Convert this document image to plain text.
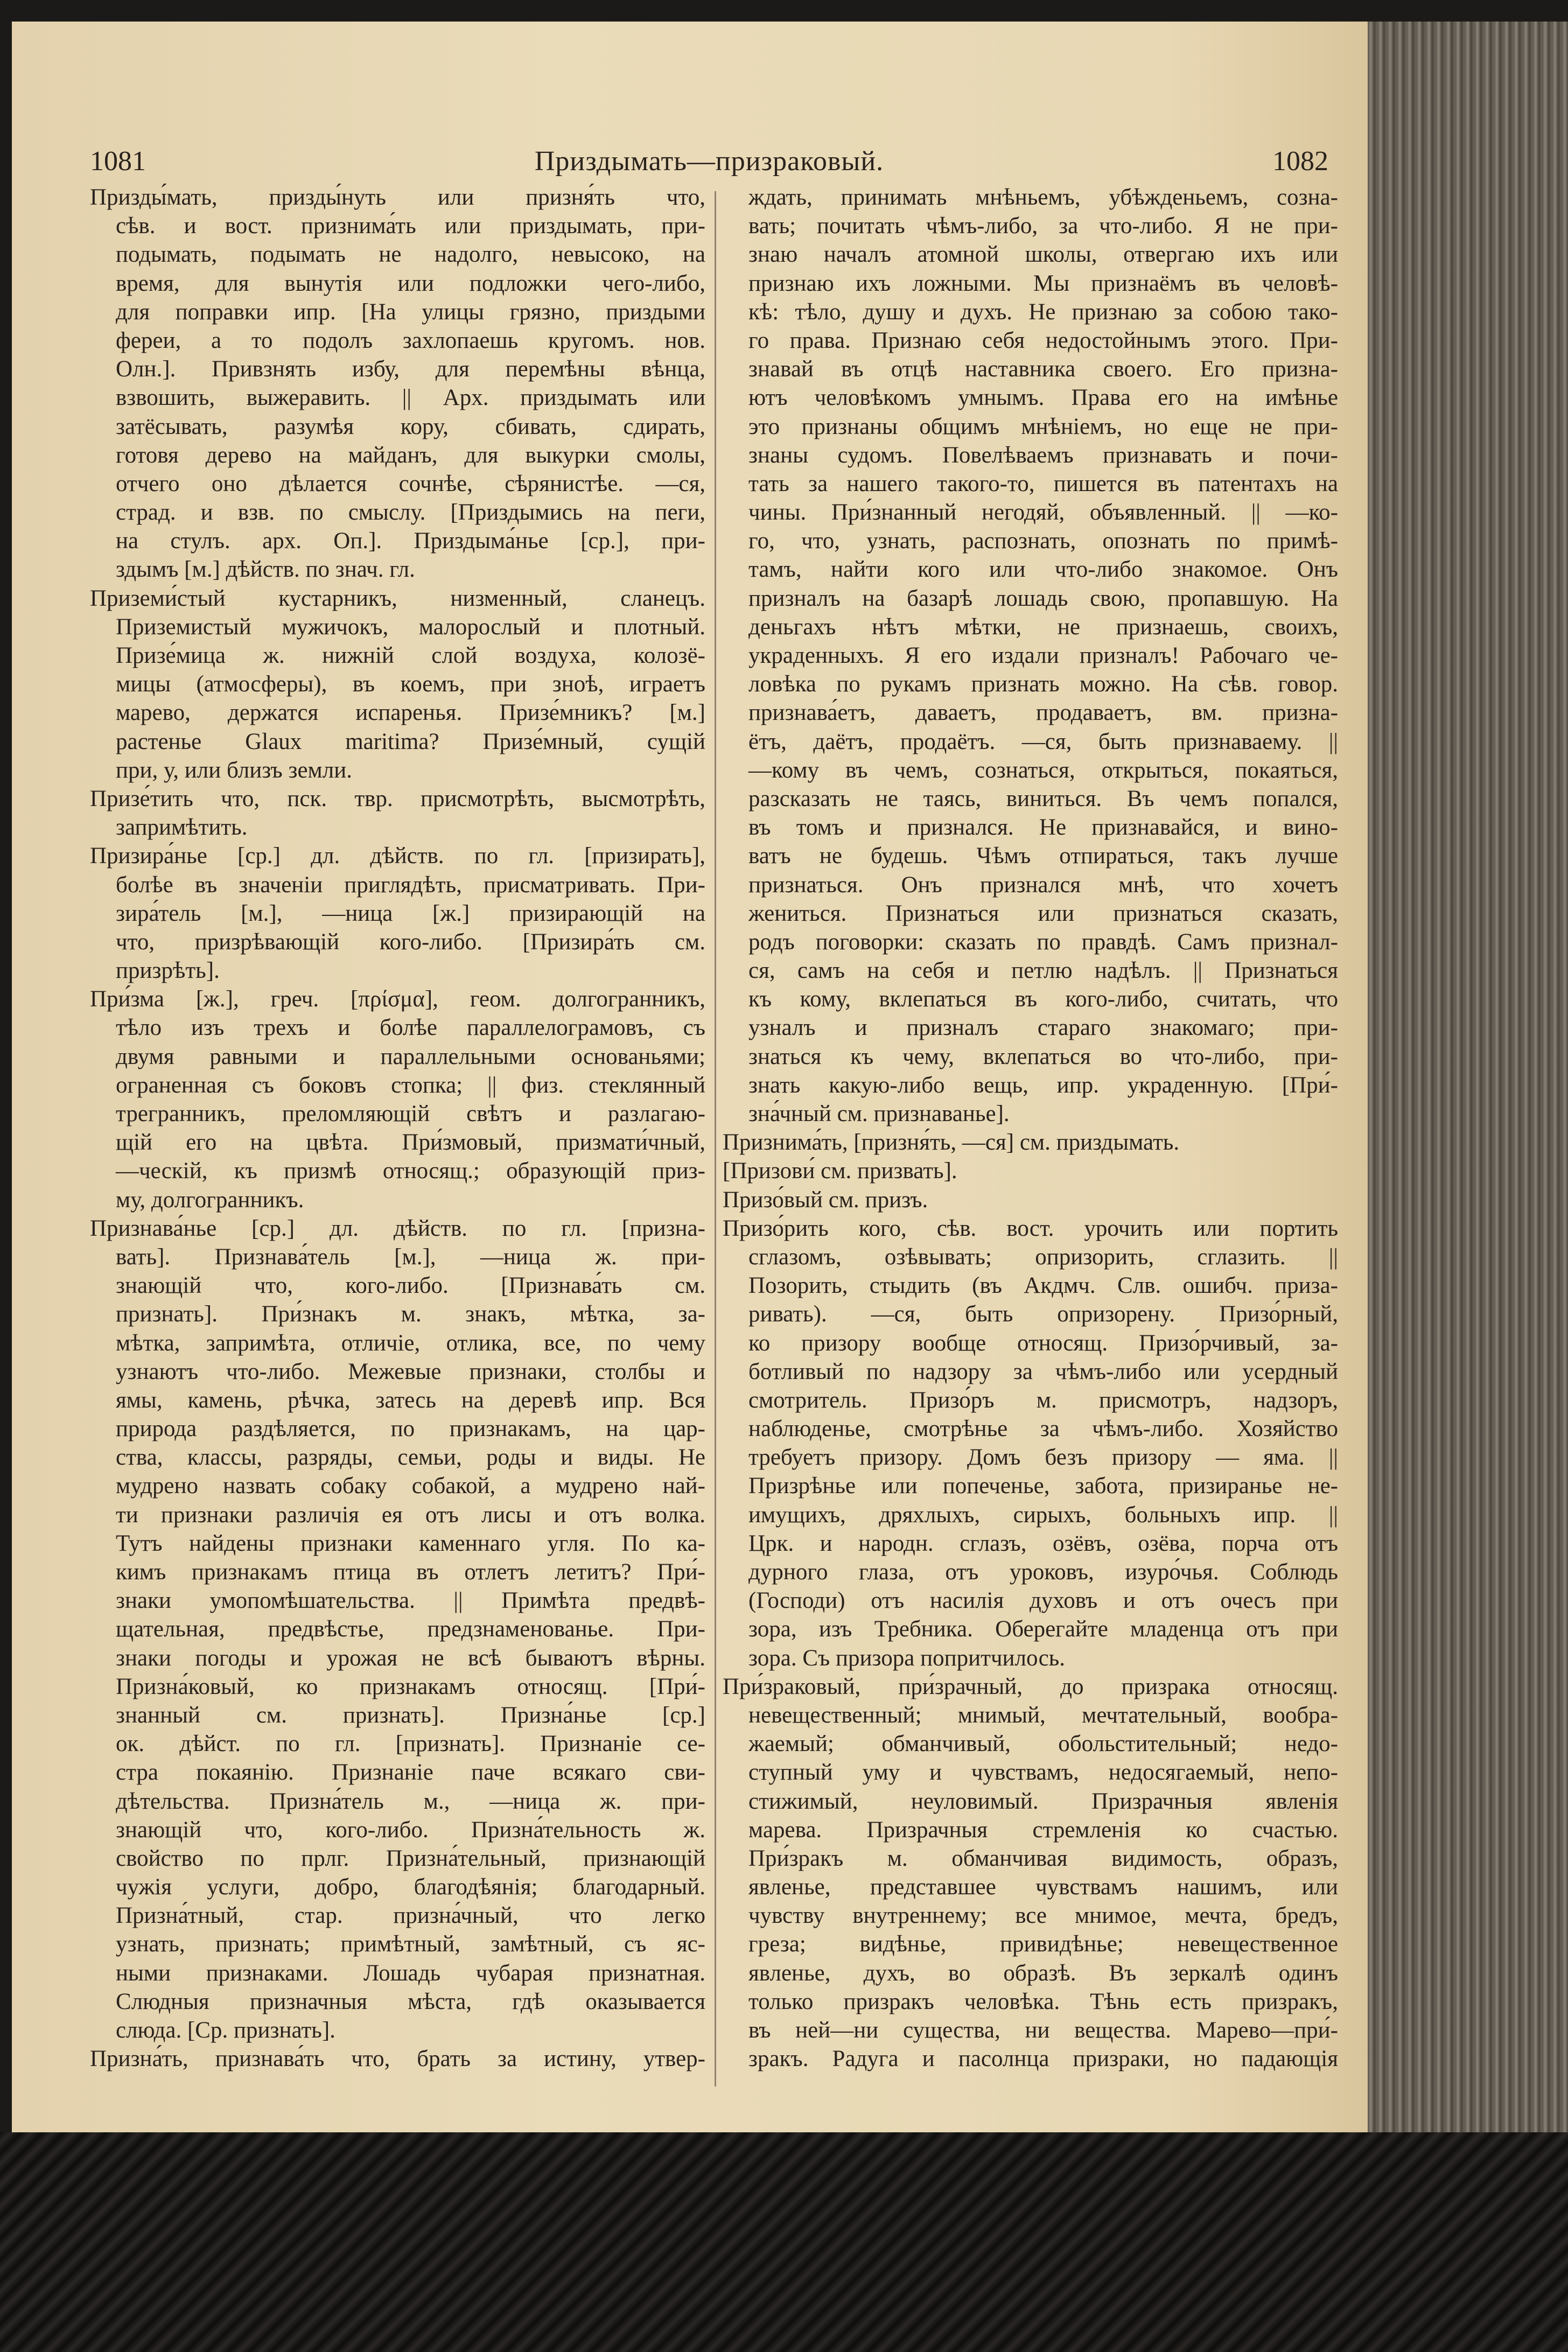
1081	Приздымать—призраковый.	1082
Призды́мать, призды́нуть или призня́ть что,
сѣв. и вост. признима́ть или приздымать, при-
подымать, подымать не надолго, невысоко, на
время, для вынутія или подложки чего-либо,
для поправки ипр. [На улицы грязно, приздыми
фереи, а то подолъ захлопаешь кругомъ. нов.
Олн.]. Привзнять избу, для перемѣны вѣнца,
взвошить, выжеравить. || Арх. приздымать или
затёсывать, разумѣя кору, сбивать, сдирать,
готовя дерево на майданъ, для выкурки смолы,
отчего оно дѣлается сочнѣе, сѣрянистѣе. —ся,
страд. и взв. по смыслу. [Приздымись на пеги,
на стулъ. арх. Оп.]. Приздыма́нье [ср.], при-
здымъ [м.] дѣйств. по знач. гл.
Приземи́стый кустарникъ, низменный, сланецъ.
Приземистый мужичокъ, малорослый и плотный.
Призе́мица ж. нижній слой воздуха, колозё-
мицы (атмосферы), въ коемъ, при зноѣ, играетъ
марево, держатся испаренья. Призе́мникъ? [м.]
растенье Glaux maritima? Призе́мный, сущій
при, у, или близъ земли.
Призе́тить что, пск. твр. присмотрѣть, высмотрѣть,
запримѣтить.
Призира́нье [ср.] дл. дѣйств. по гл. [призирать],
болѣе въ значеніи приглядѣть, присматривать. При-
зира́тель [м.], —ница [ж.] призирающій на
что, призрѣвающій кого-либо. [Призира́ть см.
призрѣть].
При́зма [ж.], греч. [πρίσμα], геом. долгогранникъ,
тѣло изъ трехъ и болѣе параллелограмовъ, съ
двумя равными и параллельными основаньями;
ограненная съ боковъ стопка; || физ. стеклянный
трегранникъ, преломляющій свѣтъ и разлагаю-
щій его на цвѣта. При́змовый, призмати́чный,
—ческій, къ призмѣ относящ.; образующій приз-
му, долгогранникъ.
Признава́нье [ср.] дл. дѣйств. по гл. [призна-
вать]. Признава́тель [м.], —ница ж. при-
знающій что, кого-либо. [Признава́ть см.
признать]. При́знакъ м. знакъ, мѣтка, за-
мѣтка, запримѣта, отличіе, отлика, все, по чему
узнаютъ что-либо. Межевые признаки, столбы и
ямы, камень, рѣчка, затесь на деревѣ ипр. Вся
природа раздѣляется, по признакамъ, на цар-
ства, классы, разряды, семьи, роды и виды. Не
мудрено назвать собаку собакой, а мудрено най-
ти признаки различія ея отъ лисы и отъ волка.
Тутъ найдены признаки каменнаго угля. По ка-
кимъ признакамъ птица въ отлетъ летитъ? При́-
знаки умопомѣшательства. || Примѣта предвѣ-
щательная, предвѣстье, предзнаменованье. При-
знаки погоды и урожая не всѣ бываютъ вѣрны.
Призна́ковый, ко признакамъ относящ. [При́-
знанный см. признать]. Призна́нье [ср.]
ок. дѣйст. по гл. [признать]. Признаніе се-
стра покаянію. Признаніе паче всякаго сви-
дѣтельства. Призна́тель м., —ница ж. при-
знающій что, кого-либо. Призна́тельность ж.
свойство по прлг. Призна́тельный, признающій
чужія услуги, добро, благодѣянія; благодарный.
Призна́тный, стар. призна́чный, что легко
узнать, признать; примѣтный, замѣтный, съ яс-
ными признаками. Лошадь чубарая признатная.
Слюдныя призначныя мѣста, гдѣ оказывается
слюда. [Ср. признать].
Призна́ть, признава́ть что, брать за истину, утвер-
ждать, принимать мнѣньемъ, убѣжденьемъ, созна-
вать; почитать чѣмъ-либо, за что-либо. Я не при-
знаю началъ атомной школы, отвергаю ихъ или
признаю ихъ ложными. Мы признаёмъ въ человѣ-
кѣ: тѣло, душу и духъ. Не признаю за собою тако-
го права. Признаю себя недостойнымъ этого. При-
знавай въ отцѣ наставника своего. Его призна-
ютъ человѣкомъ умнымъ. Права его на имѣнье
это признаны общимъ мнѣніемъ, но еще не при-
знаны судомъ. Повелѣваемъ признавать и почи-
тать за нашего такого-то, пишется въ патентахъ на
чины. При́знанный негодяй, объявленный. || —ко-
го, что, узнать, распознать, опознать по примѣ-
тамъ, найти кого или что-либо знакомое. Онъ
призналъ на базарѣ лошадь свою, пропавшую. На
деньгахъ нѣтъ мѣтки, не признаешь, своихъ,
украденныхъ. Я его издали призналъ! Рабочаго че-
ловѣка по рукамъ признать можно. На сѣв. говор.
признава́етъ, даваетъ, продаваетъ, вм. призна-
ётъ, даётъ, продаётъ. —ся, быть признаваему. ||
—кому въ чемъ, сознаться, открыться, покаяться,
разсказать не таясь, виниться. Въ чемъ попался,
въ томъ и признался. Не признавайся, и вино-
ватъ не будешь. Чѣмъ отпираться, такъ лучше
признаться. Онъ признался мнѣ, что хочетъ
жениться. Признаться или признаться сказать,
родъ поговорки: сказать по правдѣ. Самъ признал-
ся, самъ на себя и петлю надѣлъ. || Признаться
къ кому, вклепаться въ кого-либо, считать, что
узналъ и призналъ стараго знакомаго; при-
знаться къ чему, вклепаться во что-либо, при-
знать какую-либо вещь, ипр. украденную. [При́-
зна́чный см. признаванье].
Признима́ть, [призня́ть, —ся] см. приздымать.
[Призови́ см. призвать].
Призо́вый см. призъ.
Призо́рить кого, сѣв. вост. урочить или портить
сглазомъ, озѣвывать; опризорить, сглазить. ||
Позорить, стыдить (въ Акдмч. Слв. ошибч. приза-
ривать). —ся, быть опризорену. Призо́рный,
ко призору вообще относящ. Призо́рчивый, за-
ботливый по надзору за чѣмъ-либо или усердный
смотритель. Призо́ръ м. присмотръ, надзоръ,
наблюденье, смотрѣнье за чѣмъ-либо. Хозяйство
требуетъ призору. Домъ безъ призору — яма. ||
Призрѣнье или попеченье, забота, призиранье не-
имущихъ, дряхлыхъ, сирыхъ, больныхъ ипр. ||
Црк. и народн. сглазъ, озёвъ, озёва, порча отъ
дурного глаза, отъ уроковъ, изуро́чья. Соблюдь
(Господи) отъ насилія духовъ и отъ очесъ при
зора, изъ Требника. Оберегайте младенца отъ при
зора. Съ призора попритчилось.
При́зраковый, при́зрачный, до призрака относящ.
невещественный; мнимый, мечтательный, вообра-
жаемый; обманчивый, обольстительный; недо-
ступный уму и чувствамъ, недосягаемый, непо-
стижимый, неуловимый. Призрачныя явленія
марева. Призрачныя стремленія ко счастью.
При́зракъ м. обманчивая видимость, образъ,
явленье, представшее чувствамъ нашимъ, или
чувству внутреннему; все мнимое, мечта, бредъ,
греза; видѣнье, привидѣнье; невещественное
явленье, духъ, во образѣ. Въ зеркалѣ одинъ
только призракъ человѣка. Тѣнь есть призракъ,
въ ней—ни существа, ни вещества. Марево—при́-
зракъ. Радуга и пасолнца призраки, но падающія
